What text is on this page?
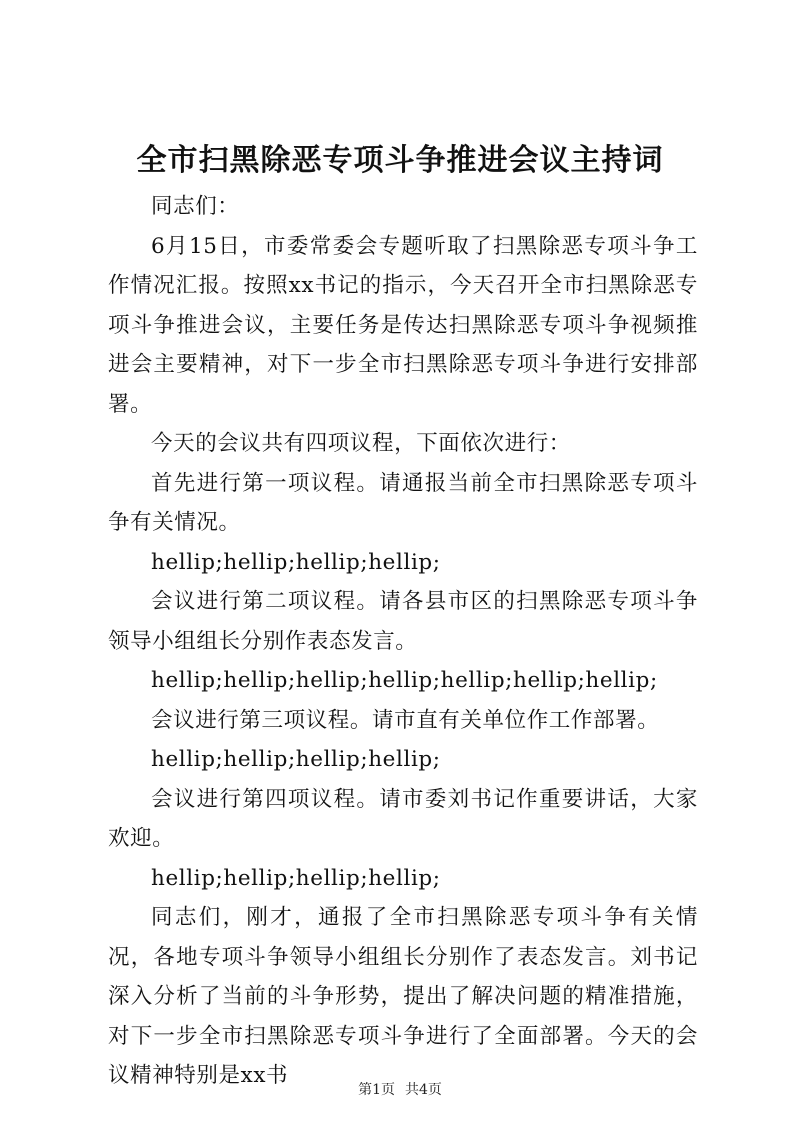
全市扫黑除恶专项斗争推进会议主持词

同志们：

6月15日，市委常委会专题听取了扫黑除恶专项斗争工作情况汇报。按照xx书记的指示，今天召开全市扫黑除恶专项斗争推进会议，主要任务是传达扫黑除恶专项斗争视频推进会主要精神，对下一步全市扫黑除恶专项斗争进行安排部署。

今天的会议共有四项议程，下面依次进行：

首先进行第一项议程。请通报当前全市扫黑除恶专项斗争有关情况。

hellip;hellip;hellip;hellip;

会议进行第二项议程。请各县市区的扫黑除恶专项斗争领导小组组长分别作表态发言。

hellip;hellip;hellip;hellip;hellip;hellip;hellip;

会议进行第三项议程。请市直有关单位作工作部署。

hellip;hellip;hellip;hellip;

会议进行第四项议程。请市委刘书记作重要讲话，大家欢迎。

hellip;hellip;hellip;hellip;

同志们，刚才，通报了全市扫黑除恶专项斗争有关情况，各地专项斗争领导小组组长分别作了表态发言。刘书记深入分析了当前的斗争形势，提出了解决问题的精准措施，对下一步全市扫黑除恶专项斗争进行了全面部署。今天的会议精神特别是xx书

第1页 共4页
